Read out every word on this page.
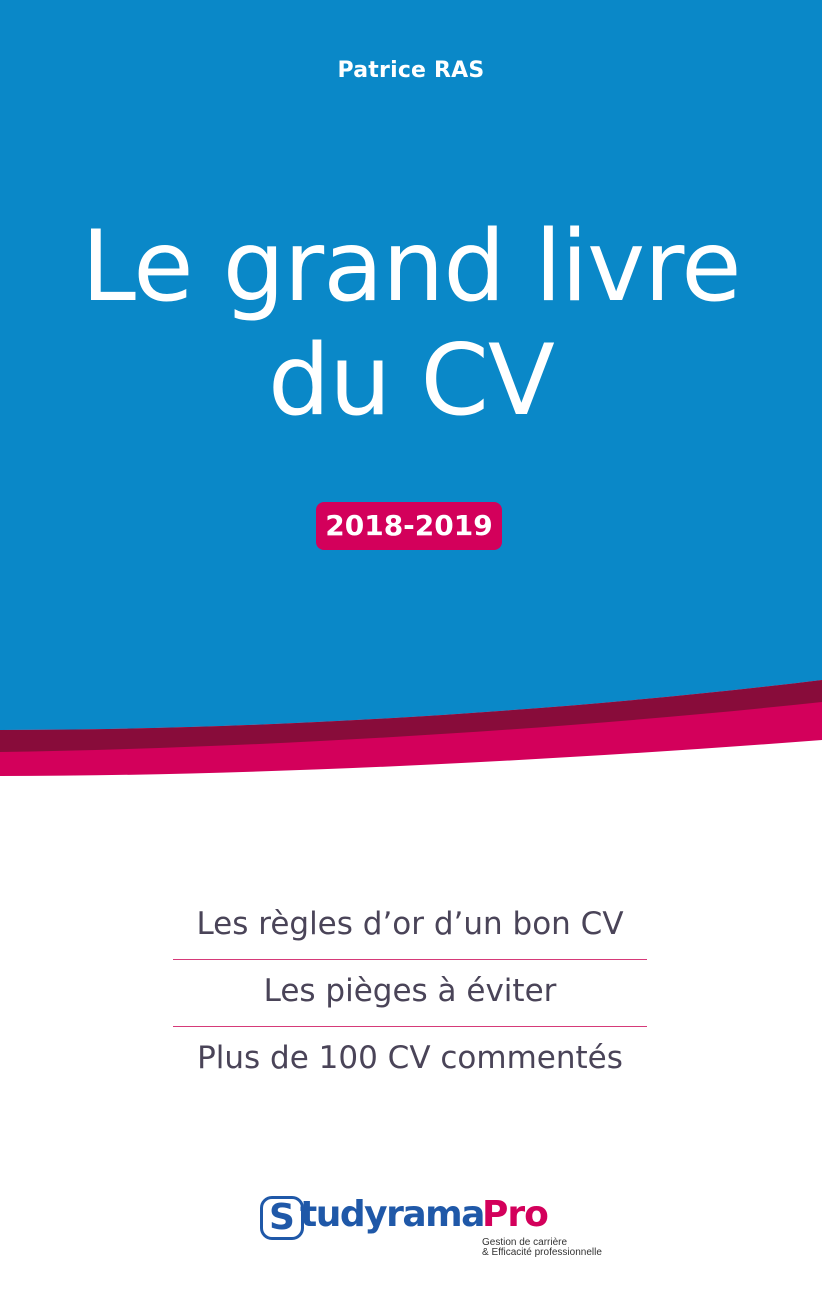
Patrice RAS
Le grand livre
du CV
2018-2019
Les règles d’or d’un bon CV
Les pièges à éviter
Plus de 100 CV commentés
S tudyrama
Pro
Gestion de carrière
& Efficacité professionnelle
